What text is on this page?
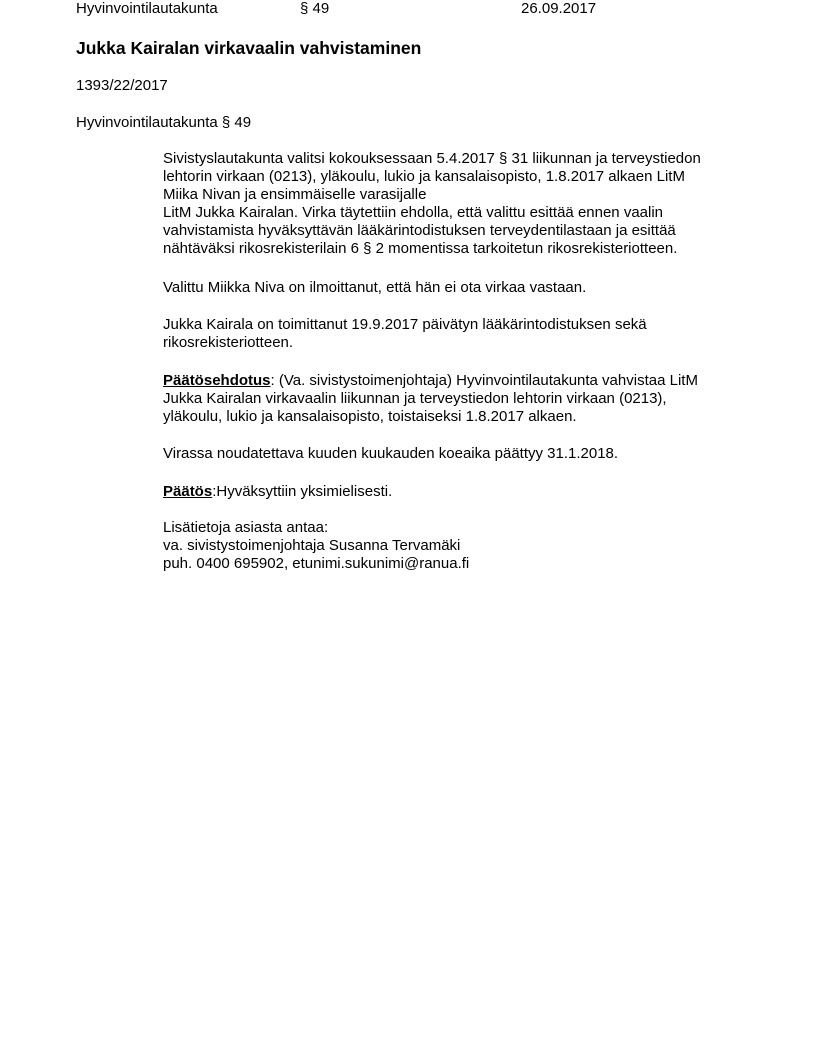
Hyvinvointilautakunta	§ 49	26.09.2017
Jukka Kairalan virkavaalin vahvistaminen
1393/22/2017
Hyvinvointilautakunta § 49
Sivistyslautakunta valitsi kokouksessaan 5.4.2017 § 31 liikunnan ja terveystiedon
lehtorin virkaan (0213), yläkoulu, lukio ja kansalaisopisto, 1.8.2017 alkaen LitM
Miika Nivan ja ensimmäiselle varasijalle
LitM Jukka Kairalan. Virka täytettiin ehdolla, että valittu esittää ennen vaalin
vahvistamista hyväksyttävän lääkärintodistuksen terveydentilastaan ja esittää
nähtäväksi rikosrekisterilain 6 § 2 momentissa tarkoitetun rikosrekisteriotteen.
Valittu Miikka Niva on ilmoittanut, että hän ei ota virkaa vastaan.
Jukka Kairala on toimittanut 19.9.2017 päivätyn lääkärintodistuksen sekä
rikosrekisteriotteen.
Päätösehdotus: (Va. sivistystoimenjohtaja) Hyvinvointilautakunta vahvistaa LitM
Jukka Kairalan virkavaalin liikunnan ja terveystiedon lehtorin virkaan (0213),
yläkoulu, lukio ja kansalaisopisto, toistaiseksi 1.8.2017 alkaen.
Virassa noudatettava kuuden kuukauden koeaika päättyy 31.1.2018.
Päätös:Hyväksyttiin yksimielisesti.
Lisätietoja asiasta antaa:
va. sivistystoimenjohtaja Susanna Tervamäki
puh. 0400 695902, etunimi.sukunimi@ranua.fi
